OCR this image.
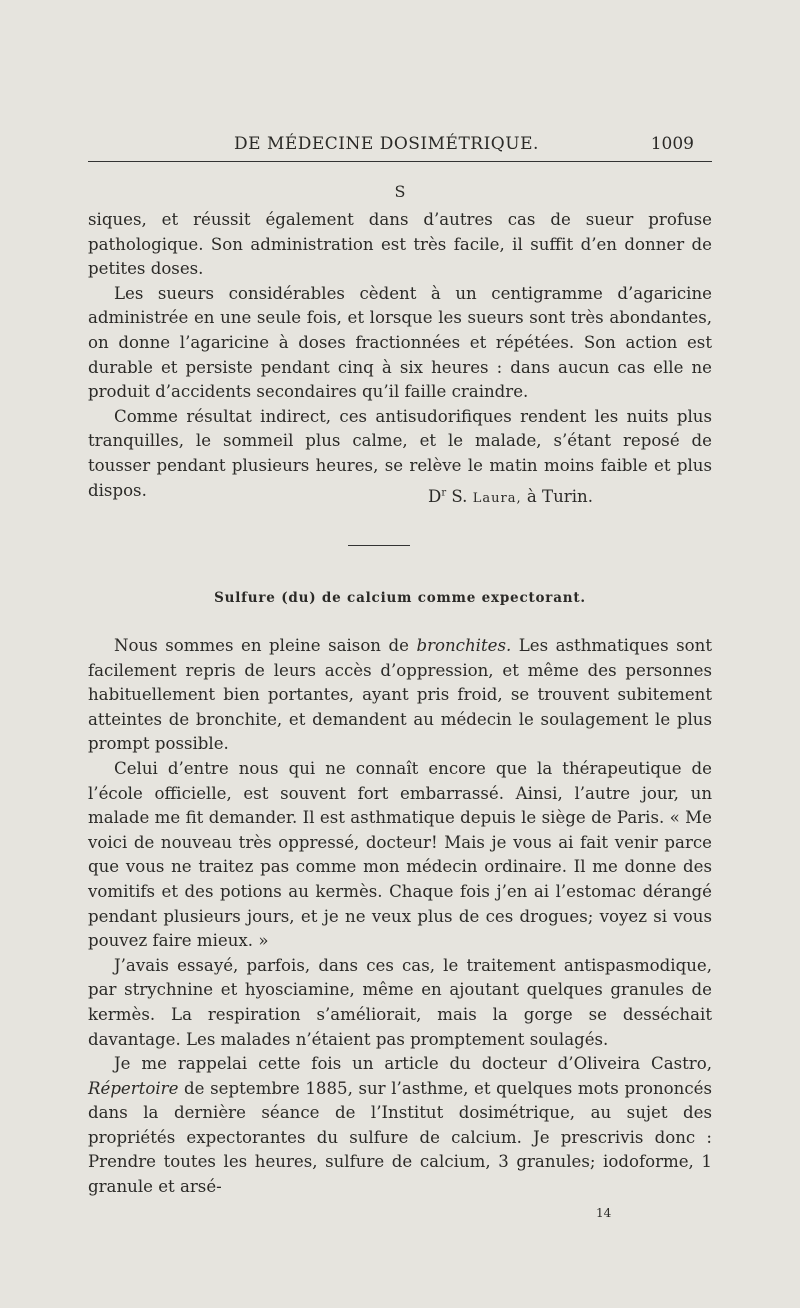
DE MÉDECINE DOSIMÉTRIQUE.	1009
S

siques, et réussit également dans d’autres cas de sueur profuse pathologique. Son administration est très facile, il suffit d’en donner de petites doses.

Les sueurs considérables cèdent à un centigramme d’agaricine administrée en une seule fois, et lorsque les sueurs sont très abondantes, on donne l’agaricine à doses fractionnées et répétées. Son action est durable et persiste pendant cinq à six heures : dans aucun cas elle ne produit d’accidents secondaires qu’il faille craindre.

Comme résultat indirect, ces antisudorifiques rendent les nuits plus tranquilles, le sommeil plus calme, et le malade, s’étant reposé de tousser pendant plusieurs heures, se relève le matin moins faible et plus dispos.	$D^r$ S. Laura, à Turin.
Sulfure (du) de calcium comme expectorant.

Nous sommes en pleine saison de bronchites. Les asthmatiques sont facilement repris de leurs accès d’oppression, et même des personnes habituellement bien portantes, ayant pris froid, se trouvent subitement atteintes de bronchite, et demandent au médecin le soulagement le plus prompt possible.

Celui d’entre nous qui ne connaît encore que la thérapeutique de l’école officielle, est souvent fort embarrassé. Ainsi, l’autre jour, un malade me fit demander. Il est asthmatique depuis le siège de Paris. « Me voici de nouveau très oppressé, docteur! Mais je vous ai fait venir parce que vous ne traitez pas comme mon médecin ordinaire. Il me donne des vomitifs et des potions au kermès. Chaque fois j’en ai l’estomac dérangé pendant plusieurs jours, et je ne veux plus de ces drogues; voyez si vous pouvez faire mieux. »

J’avais essayé, parfois, dans ces cas, le traitement antispasmodique, par strychnine et hyosciamine, même en ajoutant quelques granules de kermès. La respiration s’améliorait, mais la gorge se desséchait davantage. Les malades n’étaient pas promptement soulagés.

Je me rappelai cette fois un article du docteur d’Oliveira Castro, Répertoire de septembre 1885, sur l’asthme, et quelques mots prononcés dans la dernière séance de l’Institut dosimétrique, au sujet des propriétés expectorantes du sulfure de calcium. Je prescrivis donc : Prendre toutes les heures, sulfure de calcium, 3 granules; iodoforme, 1 granule et arsé-

14
